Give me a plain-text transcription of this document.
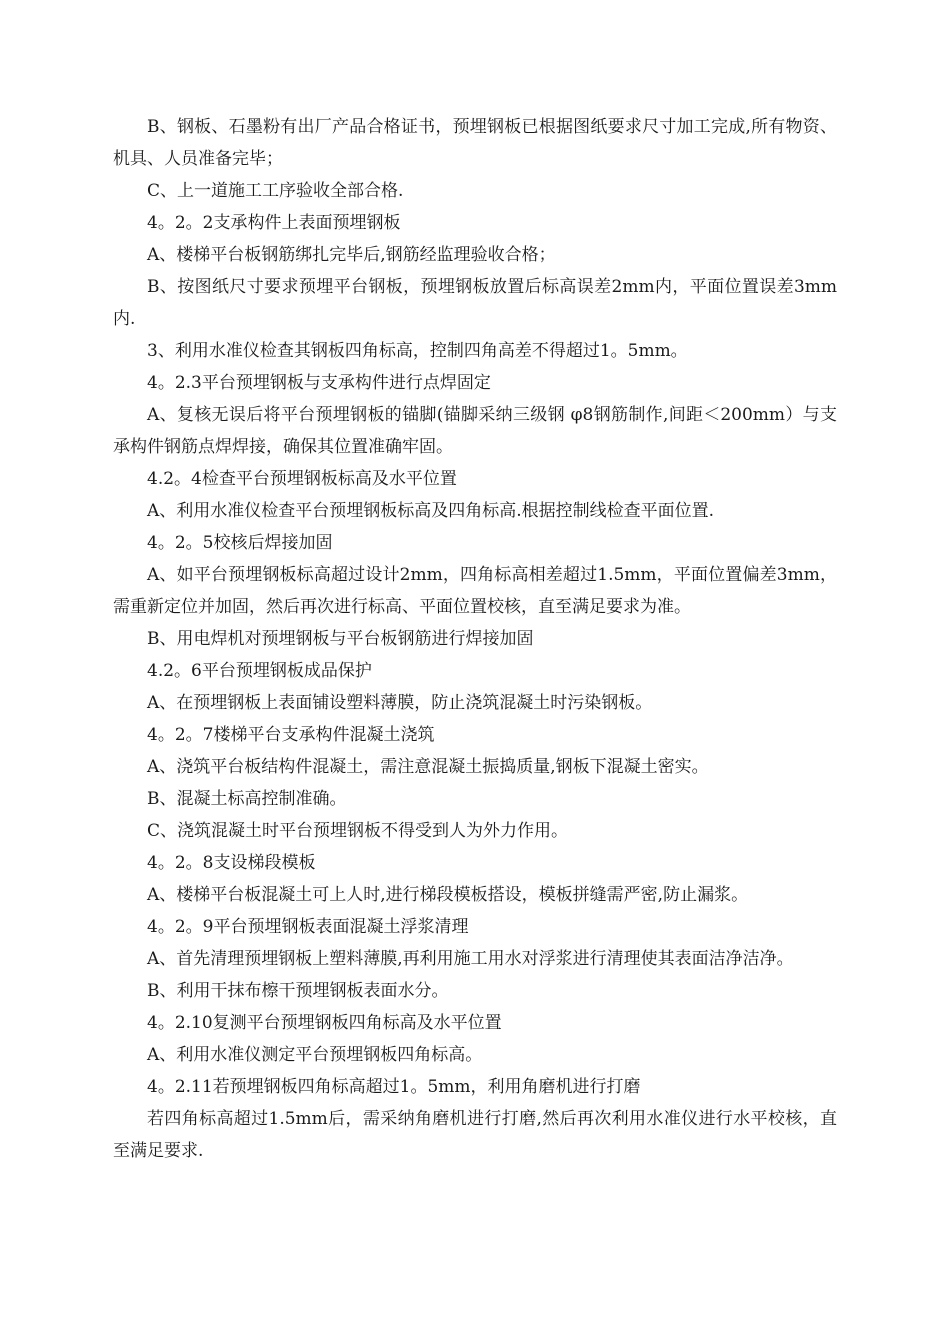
B、钢板、石墨粉有出厂产品合格证书，预埋钢板已根据图纸要求尺寸加工完成,所有物资、机具、人员准备完毕；

C、上一道施工工序验收全部合格.

4。2。2支承构件上表面预埋钢板

A、楼梯平台板钢筋绑扎完毕后,钢筋经监理验收合格；

B、按图纸尺寸要求预埋平台钢板，预埋钢板放置后标高误差2mm内，平面位置误差3mm内.

3、利用水准仪检查其钢板四角标高，控制四角高差不得超过1。5mm。

4。2.3平台预埋钢板与支承构件进行点焊固定

A、复核无误后将平台预埋钢板的锚脚(锚脚采纳三级钢 φ8钢筋制作,间距＜200mm）与支承构件钢筋点焊焊接，确保其位置准确牢固。

4.2。4检查平台预埋钢板标高及水平位置

A、利用水准仪检查平台预埋钢板标高及四角标高.根据控制线检查平面位置.

4。2。5校核后焊接加固

A、如平台预埋钢板标高超过设计2mm，四角标高相差超过1.5mm，平面位置偏差3mm，需重新定位并加固，然后再次进行标高、平面位置校核，直至满足要求为准。

B、用电焊机对预埋钢板与平台板钢筋进行焊接加固

4.2。6平台预埋钢板成品保护

A、在预埋钢板上表面铺设塑料薄膜，防止浇筑混凝土时污染钢板。

4。2。7楼梯平台支承构件混凝土浇筑

A、浇筑平台板结构件混凝土，需注意混凝土振捣质量,钢板下混凝土密实。

B、混凝土标高控制准确。

C、浇筑混凝土时平台预埋钢板不得受到人为外力作用。

4。2。8支设梯段模板

A、楼梯平台板混凝土可上人时,进行梯段模板搭设，模板拼缝需严密,防止漏浆。

4。2。9平台预埋钢板表面混凝土浮浆清理

A、首先清理预埋钢板上塑料薄膜,再利用施工用水对浮浆进行清理使其表面洁净洁净。

B、利用干抹布檫干预埋钢板表面水分。

4。2.10复测平台预埋钢板四角标高及水平位置

A、利用水准仪测定平台预埋钢板四角标高。

4。2.11若预埋钢板四角标高超过1。5mm，利用角磨机进行打磨

若四角标高超过1.5mm后，需采纳角磨机进行打磨,然后再次利用水准仪进行水平校核，直至满足要求.
